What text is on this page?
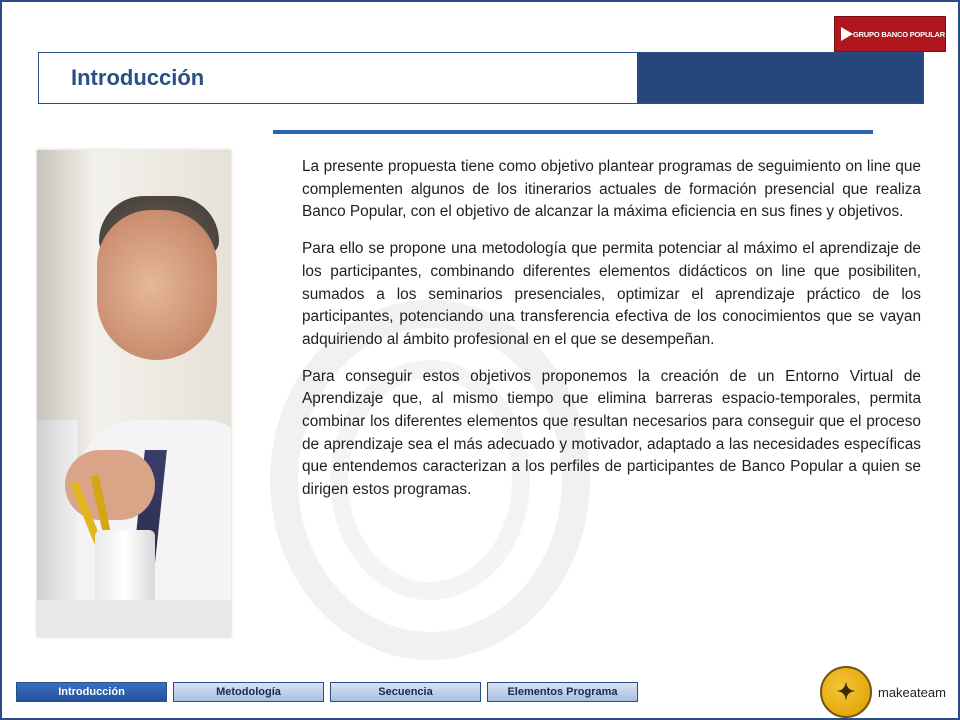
GRUPO BANCO POPULAR
Introducción

La presente propuesta tiene como objetivo plantear programas de seguimiento on line que complementen algunos de los itinerarios actuales de formación presencial que realiza Banco Popular, con el objetivo de alcanzar la máxima eficiencia en sus fines y objetivos.

Para ello se propone una metodología que permita potenciar al máximo el aprendizaje de los participantes, combinando diferentes elementos didácticos on line que posibiliten, sumados a los seminarios presenciales, optimizar el aprendizaje práctico de los participantes, potenciando una transferencia efectiva de los conocimientos que se vayan adquiriendo al ámbito profesional en el que se desempeñan.

Para conseguir estos objetivos proponemos la creación de un Entorno Virtual de Aprendizaje que, al mismo tiempo que elimina barreras espacio-temporales, permita combinar los diferentes elementos que resultan necesarios para conseguir que el proceso de aprendizaje sea el más adecuado y motivador, adaptado a las necesidades específicas que entendemos caracterizan a los perfiles de participantes de Banco Popular a quien se dirigen estos programas.

Introducción	Metodología	Secuencia	Elementos Programa	✦ makeateam
